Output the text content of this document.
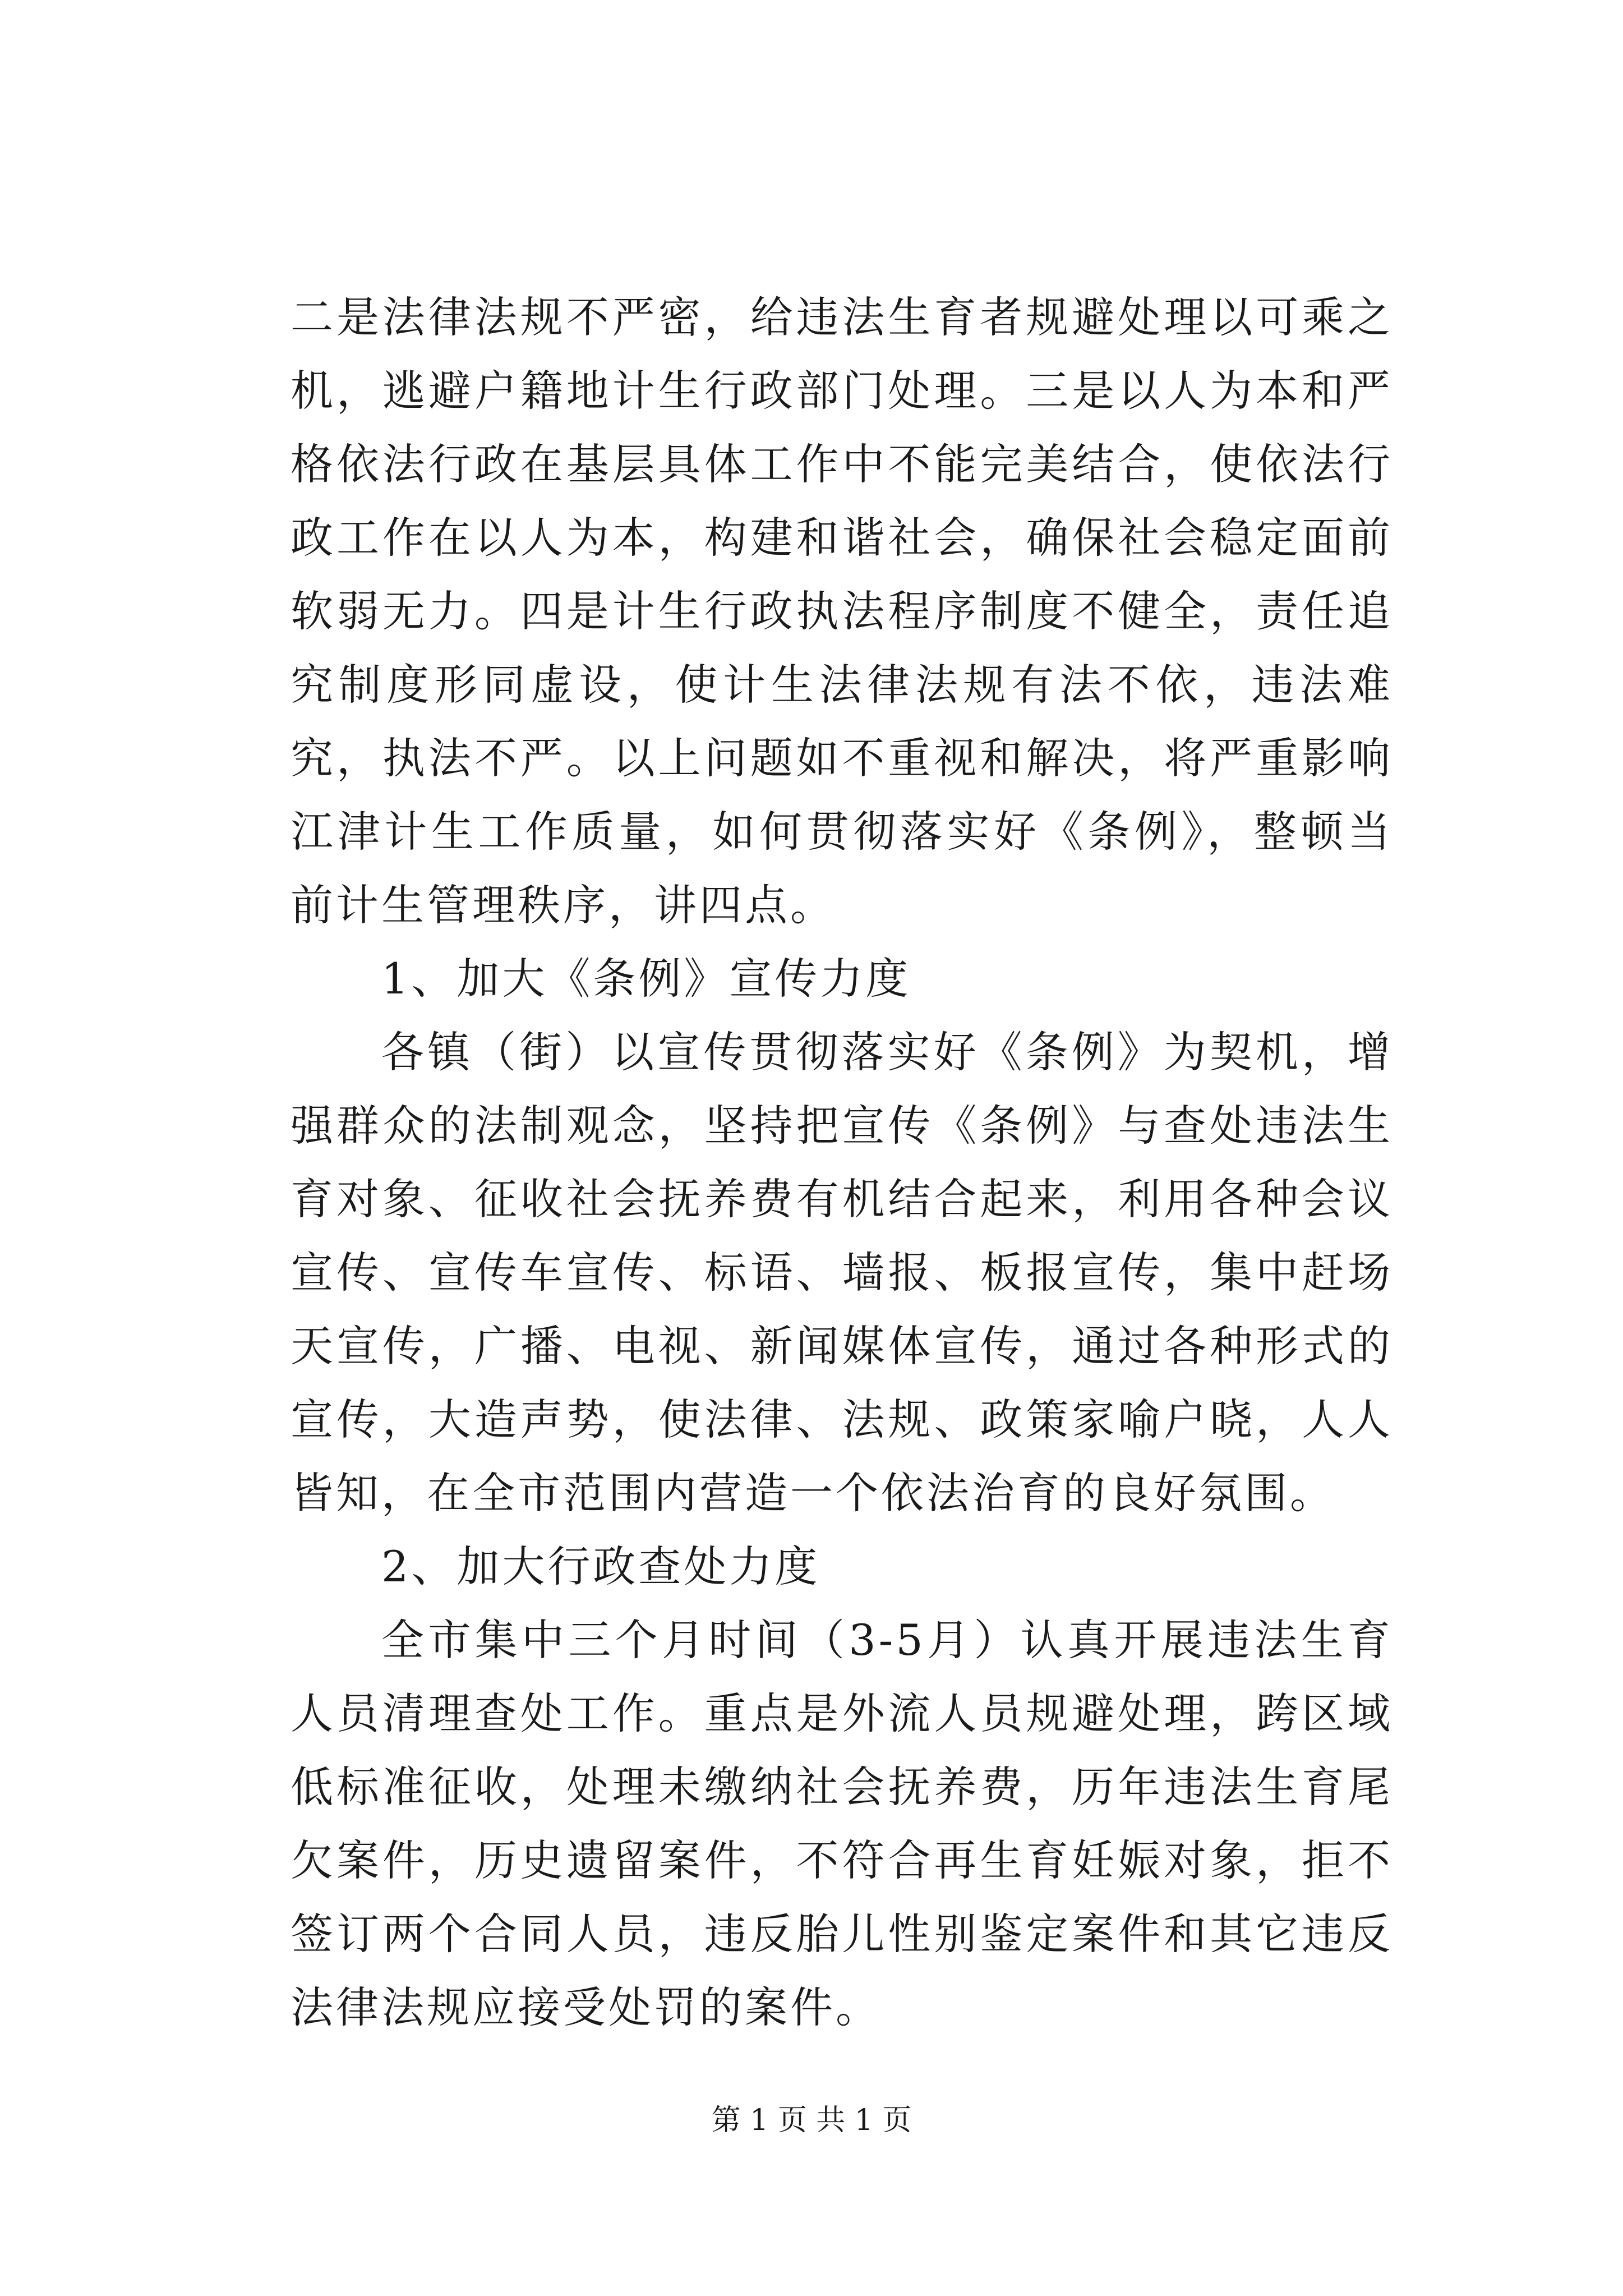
二是法律法规不严密，给违法生育者规避处理以可乘之机，逃避户籍地计生行政部门处理。三是以人为本和严格依法行政在基层具体工作中不能完美结合，使依法行政工作在以人为本，构建和谐社会，确保社会稳定面前软弱无力。四是计生行政执法程序制度不健全，责任追究制度形同虚设，使计生法律法规有法不依，违法难究，执法不严。以上问题如不重视和解决，将严重影响江津计生工作质量，如何贯彻落实好《条例》，整顿当前计生管理秩序，讲四点。

1、加大《条例》宣传力度

各镇（街）以宣传贯彻落实好《条例》为契机，增强群众的法制观念，坚持把宣传《条例》与查处违法生育对象、征收社会抚养费有机结合起来，利用各种会议宣传、宣传车宣传、标语、墙报、板报宣传，集中赶场天宣传，广播、电视、新闻媒体宣传，通过各种形式的宣传，大造声势，使法律、法规、政策家喻户晓，人人皆知，在全市范围内营造一个依法治育的良好氛围。

2、加大行政查处力度

全市集中三个月时间（3-5月）认真开展违法生育人员清理查处工作。重点是外流人员规避处理，跨区域低标准征收，处理未缴纳社会抚养费，历年违法生育尾欠案件，历史遗留案件，不符合再生育妊娠对象，拒不签订两个合同人员，违反胎儿性别鉴定案件和其它违反法律法规应接受处罚的案件。

第 1 页 共 1 页
